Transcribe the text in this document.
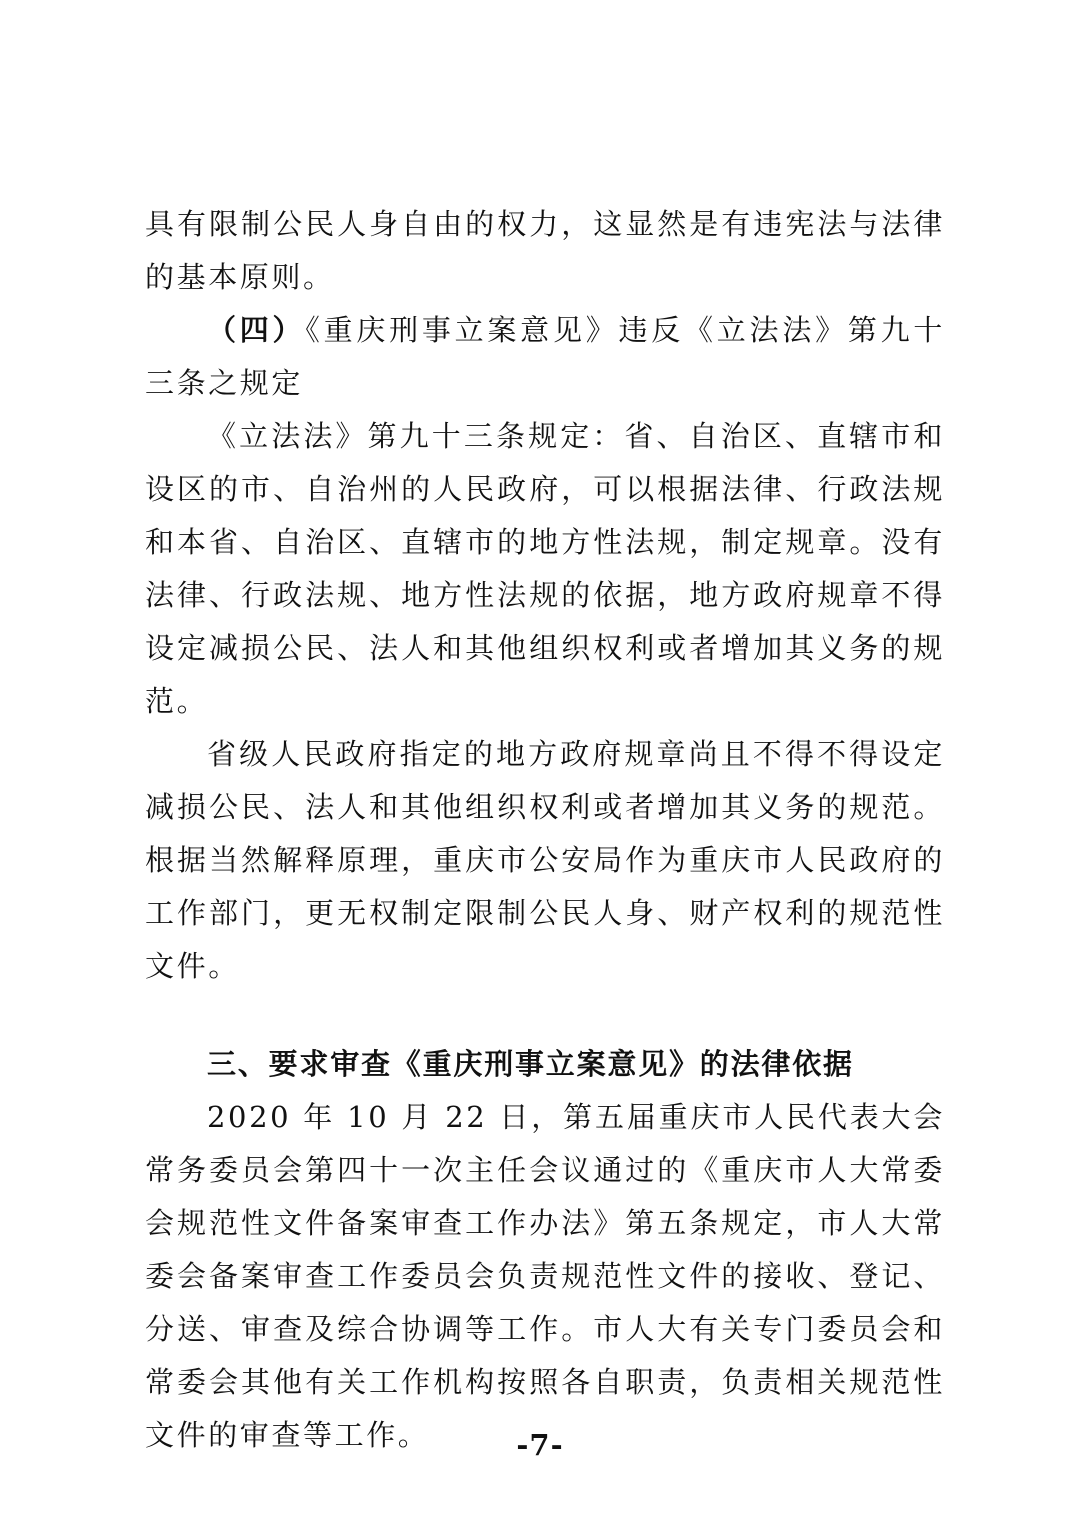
具有限制公民人身自由的权力，这显然是有违宪法与法律的基本原则。

（四）《重庆刑事立案意见》违反《立法法》第九十三条之规定

《立法法》第九十三条规定：省、自治区、直辖市和设区的市、自治州的人民政府，可以根据法律、行政法规和本省、自治区、直辖市的地方性法规，制定规章。没有法律、行政法规、地方性法规的依据，地方政府规章不得设定减损公民、法人和其他组织权利或者增加其义务的规范。

省级人民政府指定的地方政府规章尚且不得不得设定减损公民、法人和其他组织权利或者增加其义务的规范。根据当然解释原理，重庆市公安局作为重庆市人民政府的工作部门，更无权制定限制公民人身、财产权利的规范性文件。

三、要求审查《重庆刑事立案意见》的法律依据

2020 年 10 月 22 日，第五届重庆市人民代表大会常务委员会第四十一次主任会议通过的《重庆市人大常委会规范性文件备案审查工作办法》第五条规定，市人大常委会备案审查工作委员会负责规范性文件的接收、登记、分送、审查及综合协调等工作。市人大有关专门委员会和常委会其他有关工作机构按照各自职责，负责相关规范性文件的审查等工作。	-7-
